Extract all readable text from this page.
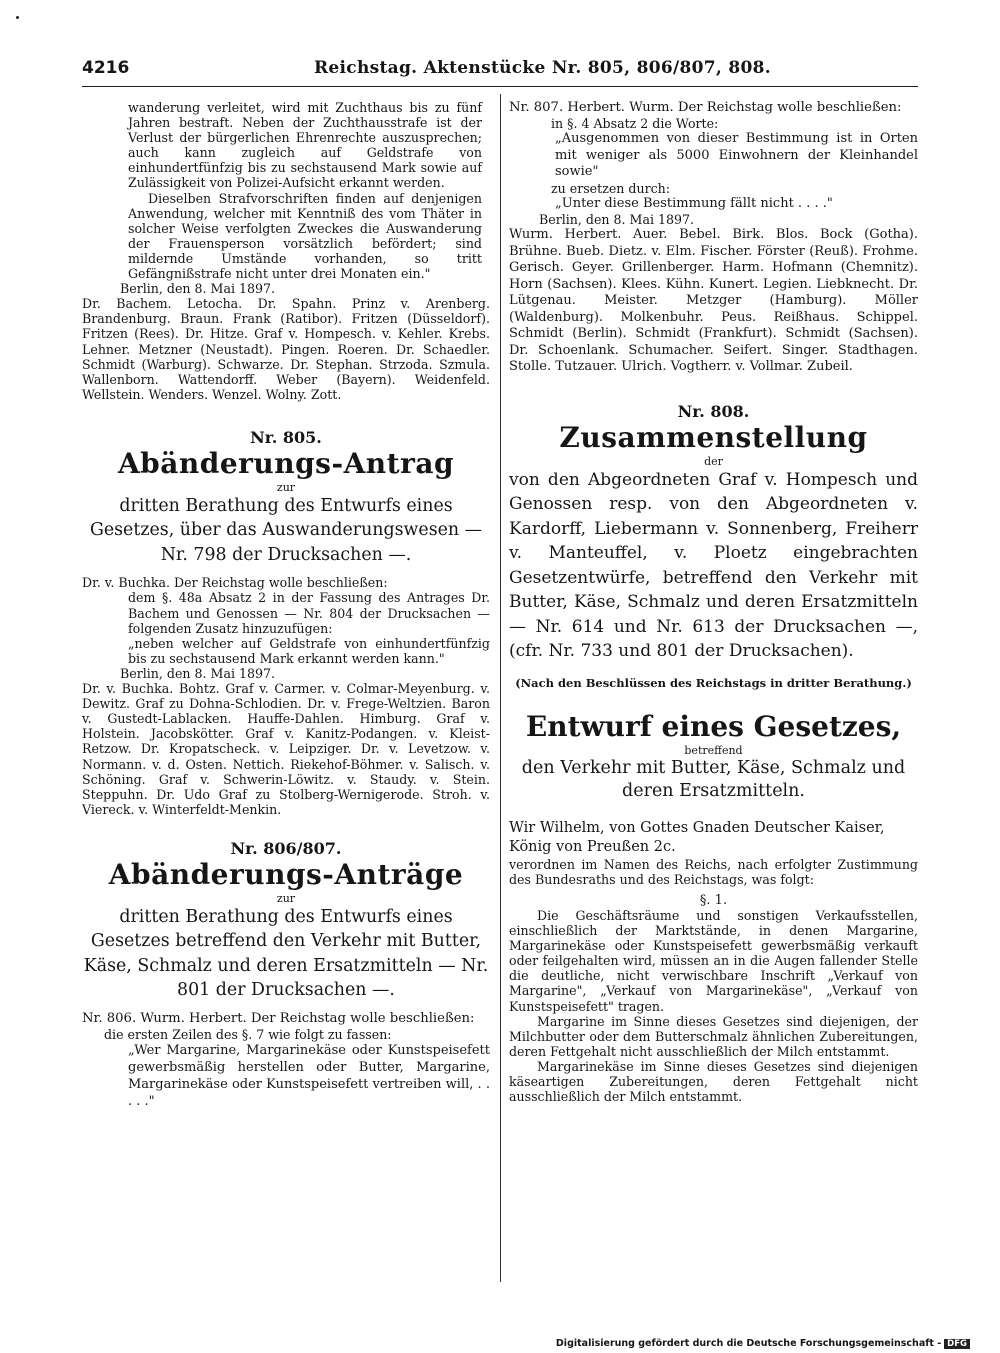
4216	Reichstag. Aktenstücke Nr. 805, 806/807, 808.

wanderung verleitet, wird mit Zuchthaus bis zu fünf Jahren bestraft. Neben der Zuchthausstrafe ist der Verlust der bürgerlichen Ehrenrechte auszusprechen; auch kann zugleich auf Geldstrafe von einhundertfünfzig bis zu sechstausend Mark sowie auf Zulässigkeit von Polizei-Aufsicht erkannt werden.

Dieselben Strafvorschriften finden auf denjenigen Anwendung, welcher mit Kenntniß des vom Thäter in solcher Weise verfolgten Zweckes die Auswanderung der Frauensperson vorsätzlich befördert; sind mildernde Umstände vorhanden, so tritt Gefängnißstrafe nicht unter drei Monaten ein."

Berlin, den 8. Mai 1897.

Dr. Bachem. Letocha. Dr. Spahn. Prinz v. Arenberg. Brandenburg. Braun. Frank (Ratibor). Fritzen (Düsseldorf). Fritzen (Rees). Dr. Hitze. Graf v. Hompesch. v. Kehler. Krebs. Lehner. Metzner (Neustadt). Pingen. Roeren. Dr. Schaedler. Schmidt (Warburg). Schwarze. Dr. Stephan. Strzoda. Szmula. Wallenborn. Wattendorff. Weber (Bayern). Weidenfeld. Wellstein. Wenders. Wenzel. Wolny. Zott.

Nr. 805.

Abänderungs-Antrag

zur

dritten Berathung des Entwurfs eines Gesetzes, über das Auswanderungswesen — Nr. 798 der Drucksachen —.

Dr. v. Buchka. Der Reichstag wolle beschließen:

dem §. 48a Absatz 2 in der Fassung des Antrages Dr. Bachem und Genossen — Nr. 804 der Drucksachen — folgenden Zusatz hinzuzufügen:

„neben welcher auf Geldstrafe von einhundertfünfzig bis zu sechstausend Mark erkannt werden kann."

Berlin, den 8. Mai 1897.

Dr. v. Buchka. Bohtz. Graf v. Carmer. v. Colmar-Meyenburg. v. Dewitz. Graf zu Dohna-Schlodien. Dr. v. Frege-Weltzien. Baron v. Gustedt-Lablacken. Hauffe-Dahlen. Himburg. Graf v. Holstein. Jacobskötter. Graf v. Kanitz-Podangen. v. Kleist-Retzow. Dr. Kropatscheck. v. Leipziger. Dr. v. Levetzow. v. Normann. v. d. Osten. Nettich. Riekehof-Böhmer. v. Salisch. v. Schöning. Graf v. Schwerin-Löwitz. v. Staudy. v. Stein. Steppuhn. Dr. Udo Graf zu Stolberg-Wernigerode. Stroh. v. Viereck. v. Winterfeldt-Menkin.

Nr. 806/807.

Abänderungs-Anträge

zur

dritten Berathung des Entwurfs eines Gesetzes betreffend den Verkehr mit Butter, Käse, Schmalz und deren Ersatzmitteln — Nr. 801 der Drucksachen —.

Nr. 806. Wurm. Herbert. Der Reichstag wolle beschließen:

die ersten Zeilen des §. 7 wie folgt zu fassen:

„Wer Margarine, Margarinekäse oder Kunstspeisefett gewerbsmäßig herstellen oder Butter, Margarine, Margarinekäse oder Kunstspeisefett vertreiben will, . . . . ."

Nr. 807. Herbert. Wurm. Der Reichstag wolle beschließen:

in §. 4 Absatz 2 die Worte:

„Ausgenommen von dieser Bestimmung ist in Orten mit weniger als 5000 Einwohnern der Kleinhandel sowie"

zu ersetzen durch:

„Unter diese Bestimmung fällt nicht . . . ."

Berlin, den 8. Mai 1897.

Wurm. Herbert. Auer. Bebel. Birk. Blos. Bock (Gotha). Brühne. Bueb. Dietz. v. Elm. Fischer. Förster (Reuß). Frohme. Gerisch. Geyer. Grillenberger. Harm. Hofmann (Chemnitz). Horn (Sachsen). Klees. Kühn. Kunert. Legien. Liebknecht. Dr. Lütgenau. Meister. Metzger (Hamburg). Möller (Waldenburg). Molkenbuhr. Peus. Reißhaus. Schippel. Schmidt (Berlin). Schmidt (Frankfurt). Schmidt (Sachsen). Dr. Schoenlank. Schumacher. Seifert. Singer. Stadthagen. Stolle. Tutzauer. Ulrich. Vogtherr. v. Vollmar. Zubeil.

Nr. 808.

Zusammenstellung

der

von den Abgeordneten Graf v. Hompesch und Genossen resp. von den Abgeordneten v. Kardorff, Liebermann v. Sonnenberg, Freiherr v. Manteuffel, v. Ploetz eingebrachten Gesetzentwürfe, betreffend den Verkehr mit Butter, Käse, Schmalz und deren Ersatzmitteln — Nr. 614 und Nr. 613 der Drucksachen —, (cfr. Nr. 733 und 801 der Drucksachen).

(Nach den Beschlüssen des Reichstags in dritter Berathung.)

Entwurf eines Gesetzes,

betreffend

den Verkehr mit Butter, Käse, Schmalz und deren Ersatzmitteln.

Wir Wilhelm, von Gottes Gnaden Deutscher Kaiser, König von Preußen 2c.

verordnen im Namen des Reichs, nach erfolgter Zustimmung des Bundesraths und des Reichstags, was folgt:

§. 1.

Die Geschäftsräume und sonstigen Verkaufsstellen, einschließlich der Marktstände, in denen Margarine, Margarinekäse oder Kunstspeisefett gewerbsmäßig verkauft oder feilgehalten wird, müssen an in die Augen fallender Stelle die deutliche, nicht verwischbare Inschrift „Verkauf von Margarine", „Verkauf von Margarinekäse", „Verkauf von Kunstspeisefett" tragen.

Margarine im Sinne dieses Gesetzes sind diejenigen, der Milchbutter oder dem Butterschmalz ähnlichen Zubereitungen, deren Fettgehalt nicht ausschließlich der Milch entstammt.

Margarinekäse im Sinne dieses Gesetzes sind diejenigen käseartigen Zubereitungen, deren Fettgehalt nicht ausschließlich der Milch entstammt.

Digitalisierung gefördert durch die Deutsche Forschungsgemeinschaft - DFG
